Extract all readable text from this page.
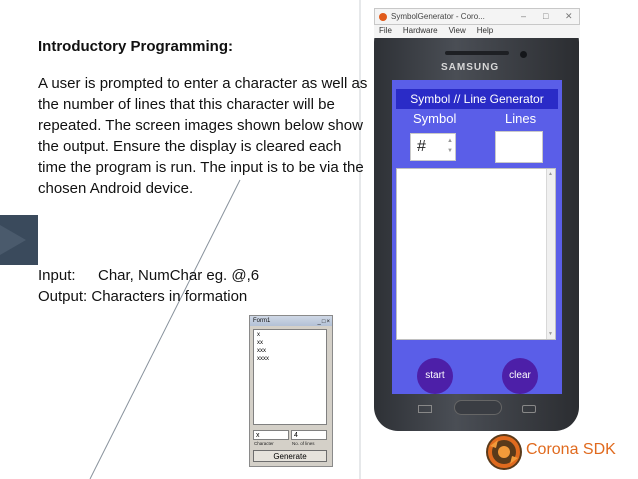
Introductory Programming:
A user is prompted to enter a character as well as the number of lines that this character will be repeated. The screen images shown below show the output. Ensure the display is cleared each time the program is run. The input is to be via the chosen Android device.
Input: Char, NumChar eg. @,6
Output: Characters in formation
Form1	_□×
x
xx
xxx
xxxx
x	4
Character	No. of lines
Generate
SymbolGenerator - Coro...	– □ ✕
File Hardware View Help
SAMSUNG
Symbol // Line Generator
Symbol	Lines
#	▲
▼
▲
▼
start	clear
Corona SDK
